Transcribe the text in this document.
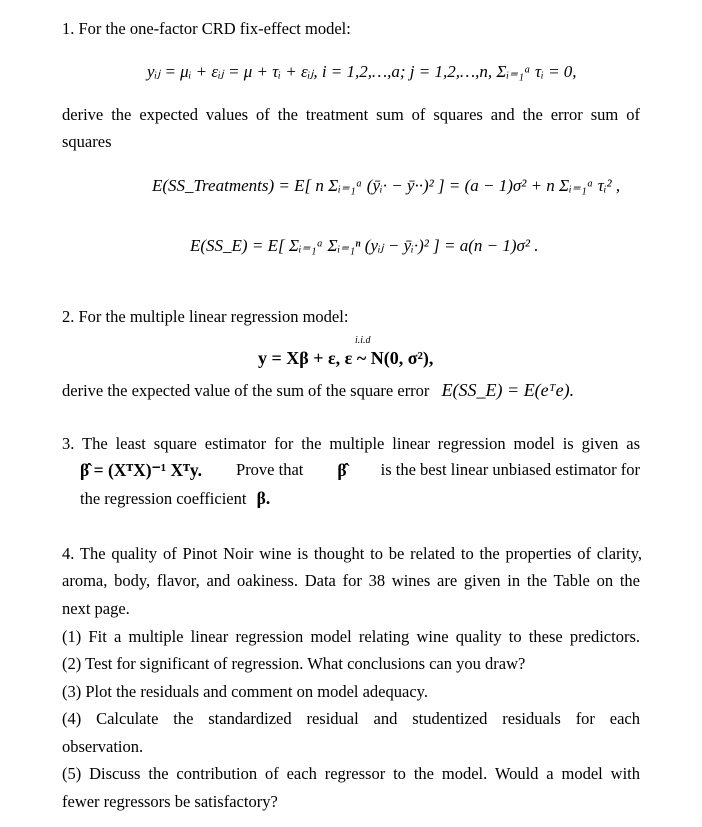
1. For the one-factor CRD fix-effect model:
yᵢⱼ = μᵢ + εᵢⱼ = μ + τᵢ + εᵢⱼ, i = 1,2,…,a; j = 1,2,…,n, Σᵢ₌₁ᵃ τᵢ = 0,
derive the expected values of the treatment sum of squares and the error sum of
squares
E(SS_Treatments) = E[ n Σᵢ₌₁ᵃ (ȳᵢ· − ȳ··)² ] = (a − 1)σ² + n Σᵢ₌₁ᵃ τᵢ² ,
E(SS_E) = E[ Σᵢ₌₁ᵃ Σᵢ₌₁ⁿ (yᵢⱼ − ȳᵢ·)² ] = a(n − 1)σ² .
2. For the multiple linear regression model:
i.i.d
y = Xβ + ε, ε ~ N(0, σ²),
derive the expected value of the sum of the square error E(SS_E) = E(eᵀe).
3. The least square estimator for the multiple linear regression model is given as
β̂ = (XᵀX)⁻¹ Xᵀy. Prove that β̂ is the best linear unbiased estimator for
the regression coefficient β.
4. The quality of Pinot Noir wine is thought to be related to the properties of clarity,
aroma, body, flavor, and oakiness. Data for 38 wines are given in the Table on the
next page.
(1) Fit a multiple linear regression model relating wine quality to these predictors.
(2) Test for significant of regression. What conclusions can you draw?
(3) Plot the residuals and comment on model adequacy.
(4) Calculate the standardized residual and studentized residuals for each
observation.
(5) Discuss the contribution of each regressor to the model. Would a model with
fewer regressors be satisfactory?
